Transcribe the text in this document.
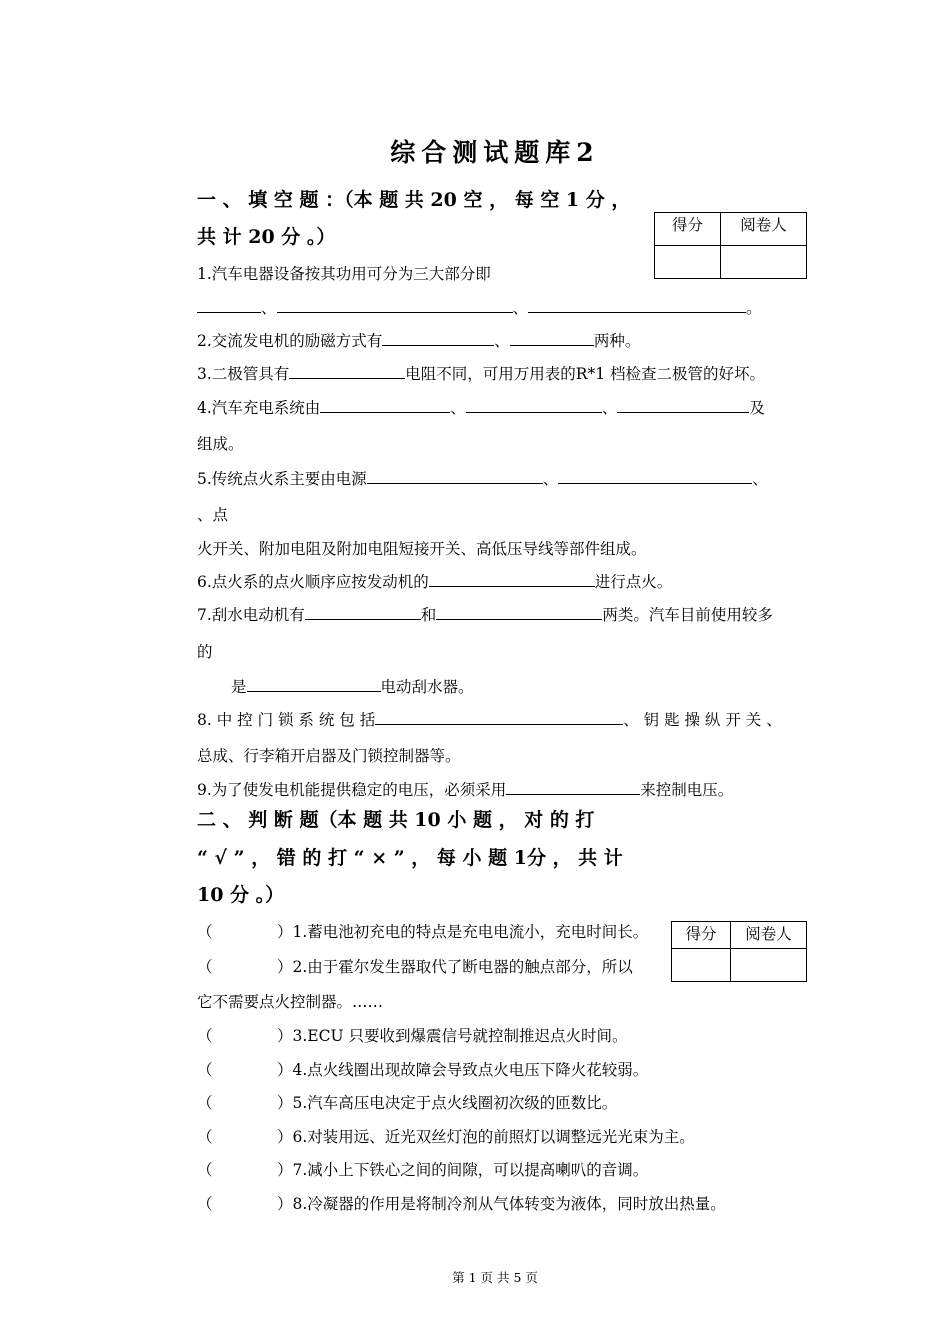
综合测试题库2
一 、 填 空 题 ：（本 题 共 20 空 ， 每 空 1 分 ，
共 计 20 分 。）
得分	阅卷人

1.汽车电器设备按其功用可分为三大部分即
、	、	。
2.交流发电机的励磁方式有	、	两种。
3.二极管具有	电阻不同，可用万用表的R*1 档检查二极管的好坏。
4.汽车充电系统由	、	、	及
组成。
5.传统点火系主要由电源	、	、
、点
火开关、附加电阻及附加电阻短接开关、高低压导线等部件组成。
6.点火系的点火顺序应按发动机的	进行点火。
7.刮水电动机有	和	两类。汽车目前使用较多
的
是	电动刮水器。
8. 中 控 门 锁 系 统 包 括	、 钥 匙 操 纵 开 关 、
总成、行李箱开启器及门锁控制器等。
9.为了使发电机能提供稳定的电压，必须采用	来控制电压。
二 、 判 断 题（本 题 共 10 小 题 ， 对 的 打
“ √ ” ， 错 的 打 “ × ” ， 每 小 题 1分 ， 共 计
10 分 。）
得分	阅卷人

（	）1.蓄电池初充电的特点是充电电流小，充电时间长。
（	）2.由于霍尔发生器取代了断电器的触点部分，所以
它不需要点火控制器。……
（	）3.ECU 只要收到爆震信号就控制推迟点火时间。
（	）4.点火线圈出现故障会导致点火电压下降火花较弱。
（	）5.汽车高压电决定于点火线圈初次级的匝数比。
（	）6.对装用远、近光双丝灯泡的前照灯以调整远光光束为主。
（	）7.减小上下铁心之间的间隙，可以提高喇叭的音调。
（	）8.冷凝器的作用是将制冷剂从气体转变为液体，同时放出热量。
第 1 页 共 5 页
